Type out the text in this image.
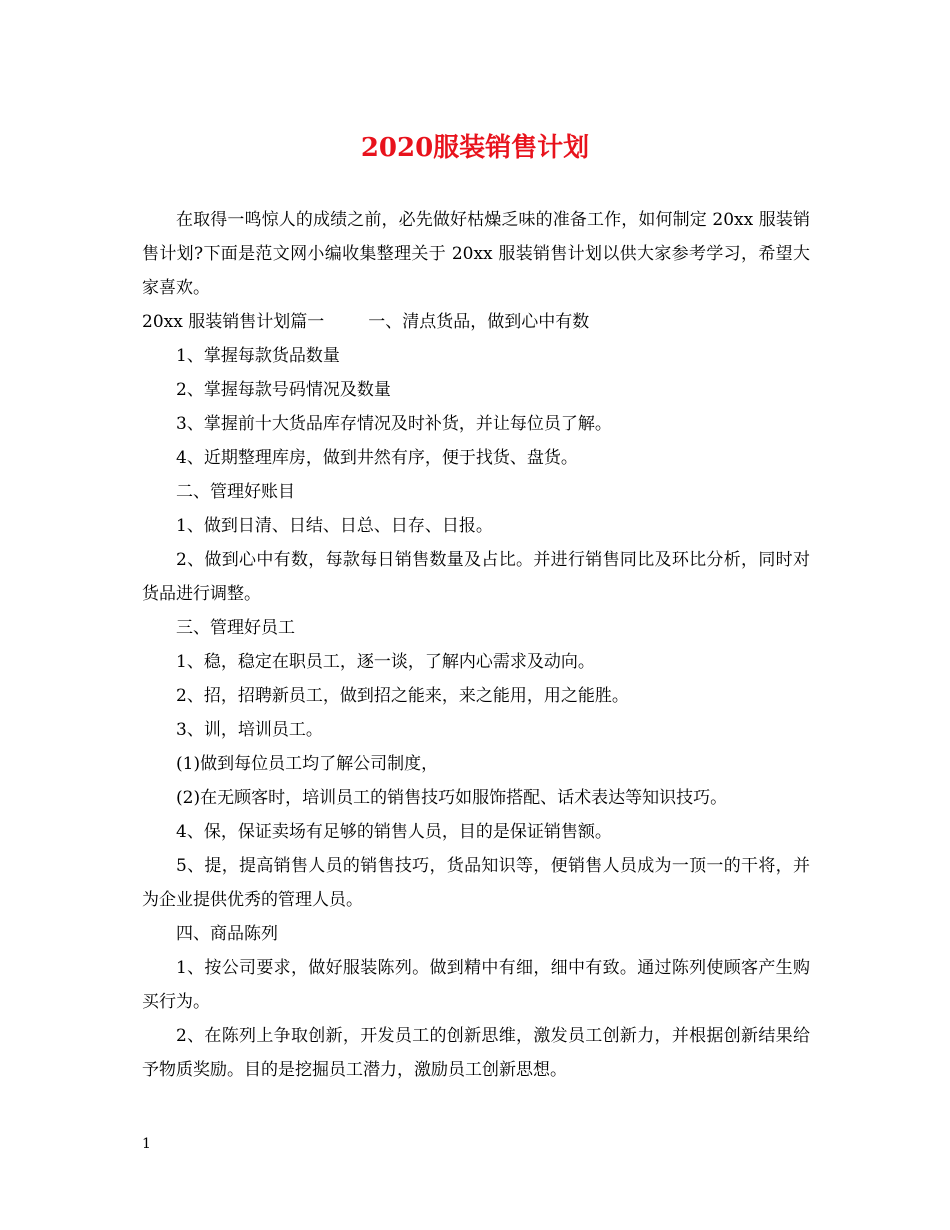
2020服装销售计划

在取得一鸣惊人的成绩之前，必先做好枯燥乏味的准备工作，如何制定 20xx 服装销售计划?下面是范文网小编收集整理关于 20xx 服装销售计划以供大家参考学习，希望大家喜欢。

20xx 服装销售计划篇一	一、清点货品，做到心中有数

1、掌握每款货品数量

2、掌握每款号码情况及数量

3、掌握前十大货品库存情况及时补货，并让每位员了解。

4、近期整理库房，做到井然有序，便于找货、盘货。

二、管理好账目

1、做到日清、日结、日总、日存、日报。

2、做到心中有数，每款每日销售数量及占比。并进行销售同比及环比分析，同时对货品进行调整。

三、管理好员工

1、稳，稳定在职员工，逐一谈，了解内心需求及动向。

2、招，招聘新员工，做到招之能来，来之能用，用之能胜。

3、训，培训员工。

(1)做到每位员工均了解公司制度，

(2)在无顾客时，培训员工的销售技巧如服饰搭配、话术表达等知识技巧。

4、保，保证卖场有足够的销售人员，目的是保证销售额。

5、提，提高销售人员的销售技巧，货品知识等，便销售人员成为一顶一的干将，并为企业提供优秀的管理人员。

四、商品陈列

1、按公司要求，做好服装陈列。做到精中有细，细中有致。通过陈列使顾客产生购买行为。

2、在陈列上争取创新，开发员工的创新思维，激发员工创新力，并根据创新结果给予物质奖励。目的是挖掘员工潜力，激励员工创新思想。

1
